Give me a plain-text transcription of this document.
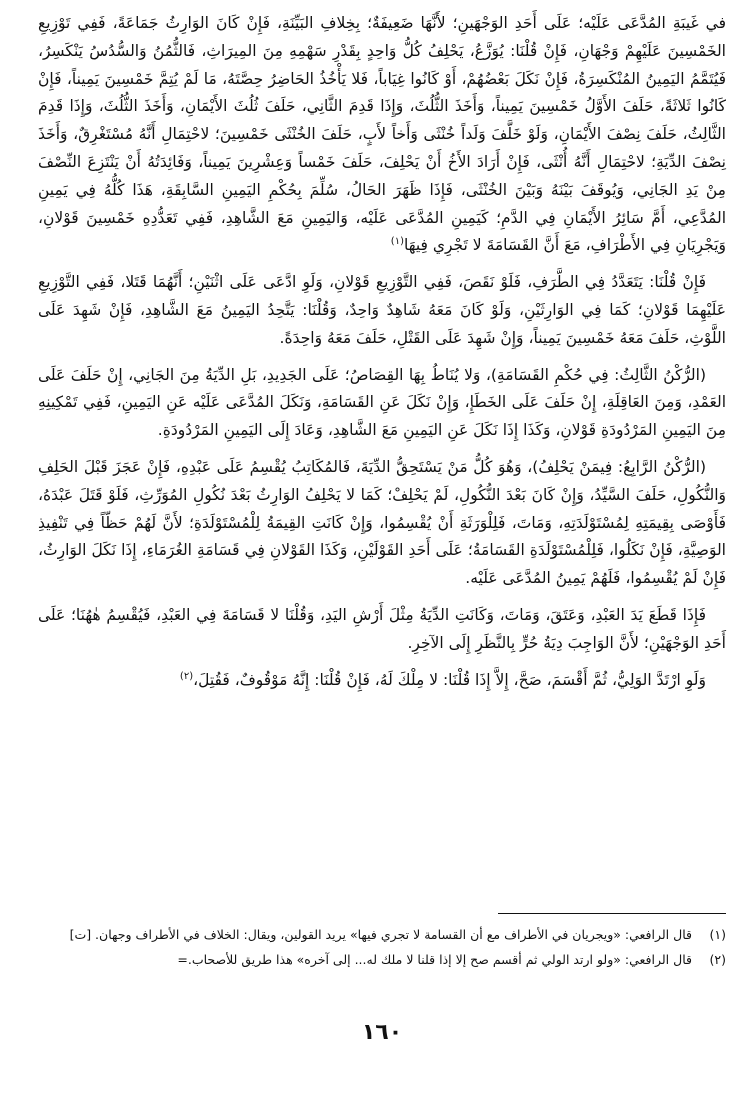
في غَيبَةِ المُدَّعَى عَلَيْه؛ عَلَى أَحَدِ الوَجْهَينِ؛ لأَنَّهَا ضَعِيفَةٌ؛ بِخِلافِ البَيِّنَةِ، فَإِنْ كَانَ الوَارِثُ جَمَاعَةً، فَفِي تَوْزِيعِ الخَمْسِينَ عَلَيْهِمْ وَجْهَانِ، فَإِنْ قُلْنَا: يُوَزَّعُ، يَحْلِفُ كُلُّ وَاحِدٍ بِقَدْرِ سَهْمِهِ مِنَ المِيرَاثِ، فَالثُّمُنُ وَالسُّدُسُ يَنْكَسِرُ، فَيُتَمَّمُ اليَمِينُ المُنْكَسِرَةُ، فَإِنْ نَكَلَ بَعْضُهُمْ، أَوْ كَانُوا غِيَاباً، فَلا يَأْخُذُ الحَاضِرُ حِصَّتَهُ، مَا لَمْ يُتِمَّ خَمْسِينَ يَمِيناً، فَإِنْ كَانُوا ثَلاثَةً، حَلَفَ الأَوَّلُ خَمْسِينَ يَمِيناً، وَأَخَذَ الثُّلُثَ، وَإِذَا قَدِمَ الثَّانِي، حَلَفَ ثُلُثَ الأَيْمَانِ، وَأَخَذَ الثُّلُثَ، وَإِذَا قَدِمَ الثَّالِثُ، حَلَفَ نِصْفَ الأَيْمَانِ، وَلَوْ خَلَّفَ وَلَداً خُنْثَى وَأَخاً لأَبٍ، حَلَفَ الخُنْثَى خَمْسِينَ؛ لاحْتِمَالِ أَنَّهُ مُسْتَغْرِقٌ، وَأَخَذَ نِصْفَ الدِّيَةِ؛ لاحْتِمَالِ أَنَّهُ أُنْثَى، فَإِنْ أَرَادَ الأَخُ أَنْ يَحْلِفَ، حَلَفَ خَمْساً وَعِشْرِينَ يَمِيناً، وَفَائِدَتُهُ أَنْ يَنْتَزِعَ النِّصْفَ مِنْ يَدِ الجَانِي، وَيُوقَفَ بَيْنَهُ وَبَيْنَ الخُنْثَى، فَإِذَا ظَهَرَ الحَالُ، سُلِّمَ بِحُكْمِ اليَمِينِ السَّابِقَةِ، هَذَا كُلُّهُ فِي يَمِينِ المُدَّعِي، أَمَّ سَائِرُ الأَيْمَانِ فِي الدَّمِ؛ كَيَمِينِ المُدَّعَى عَلَيْه، وَاليَمِينِ مَعَ الشَّاهِدِ، فَفِي تَعَدُّدِهِ خَمْسِينَ قَوْلانِ، وَيَجْرِيَانِ فِي الأَطْرَافِ، مَعَ أَنَّ القَسَامَةَ لا تَجْرِي فِيهَا$^{(١)}$

فَإِنْ قُلْنَا: يَتَعَدَّدُ فِي الطَّرَفِ، فَلَوْ نَقَصَ، فَفِي التَّوْزِيعِ قَوْلانِ، وَلَوِ ادَّعَى عَلَى اثْنَيْنِ؛ أَنَّهُمَا قَتَلا، فَفِي التَّوْزِيعِ عَلَيْهِمَا قَوْلانِ؛ كَمَا فِي الوَارِثَيْنِ، وَلَوْ كَانَ مَعَهُ شَاهِدٌ وَاحِدٌ، وَقُلْنَا: يَتَّحِدُ اليَمِينُ مَعَ الشَّاهِدِ، فَإِنْ شَهِدَ عَلَى اللَّوْثِ، حَلَفَ مَعَهُ خَمْسِينَ يَمِيناً، وَإِنْ شَهِدَ عَلَى القَتْلِ، حَلَفَ مَعَهُ وَاحِدَةً.

(الرُّكْنُ الثَّالِثُ: فِي حُكْمِ القَسَامَةِ)، وَلا يُنَاطُ بِهَا القِصَاصُ؛ عَلَى الجَدِيدِ، بَلِ الدِّيَةُ مِنَ الجَانِي، إِنْ حَلَفَ عَلَى العَمْدِ، وَمِنَ العَاقِلَةِ، إِنْ حَلَفَ عَلَى الخَطَإِ، وَإِنْ نَكَلَ عَنِ القَسَامَةِ، وَنَكَلَ المُدَّعَى عَلَيْه عَنِ اليَمِينِ، فَفِي تَمْكِينِهِ مِنَ اليَمِينِ المَرْدُودَةِ قَوْلانِ، وَكَذَا إِذَا نَكَلَ عَنِ اليَمِينِ مَعَ الشَّاهِدِ، وَعَادَ إِلَى اليَمِينِ المَرْدُودَةِ.

(الرُّكْنُ الرَّابِعُ: فِيمَنْ يَحْلِفُ)، وَهُوَ كُلُّ مَنْ يَسْتَحِقُّ الدِّيَةَ، فَالمُكَاتِبُ يُقْسِمُ عَلَى عَبْدِهِ، فَإِنْ عَجَزَ قَبْلَ الحَلِفِ وَالنُّكُولِ، حَلَفَ السَّيِّدُ، وَإِنْ كَانَ بَعْدَ النُّكُولِ، لَمْ يَحْلِفْ؛ كَمَا لا يَحْلِفُ الوَارِثُ بَعْدَ نُكُولِ المُوَرِّثِ، فَلَوْ قَتَلَ عَبْدَهُ، فَأَوْصَى بِقِيمَتِهِ لِمُسْتَوْلَدَتِهِ، وَمَاتَ، فَلِلْوَرَثَةِ أَنْ يُقْسِمُوا، وَإِنْ كَانَتِ القِيمَةُ لِلْمُسْتَوْلَدَةِ؛ لأَنَّ لَهُمْ حَظّاً فِي تَنْفِيذِ الوَصِيَّةِ، فَإِنْ نَكَلُوا، فَلِلْمُسْتَوْلَدَةِ القَسَامَةُ؛ عَلَى أَحَدِ القَوْلَيْنِ، وَكَذَا القَوْلانِ فِي قَسَامَةِ الغُرَمَاءِ، إِذَا نَكَلَ الوَارِثُ، فَإِنْ لَمْ يُقْسِمُوا، فَلَهُمْ يَمِينُ المُدَّعَى عَلَيْه.

فَإِذَا قَطَعَ يَدَ العَبْدِ، وَعَتَقَ، وَمَاتَ، وَكَانَتِ الدِّيَةُ مِثْلَ أَرْشِ اليَدِ، وَقُلْنَا لا قَسَامَةَ فِي العَبْدِ، فَيُقْسِمُ هٰهُنَا؛ عَلَى أَحَدِ الوَجْهَيْنِ؛ لأَنَّ الوَاجِبَ دِيَةُ حُرٍّ بِالنَّظَرِ إِلَى الآخِرِ.

وَلَوِ ارْتَدَّ الوَلِيُّ، ثُمَّ أَقْسَمَ، صَحَّ، إِلاَّ إِذَا قُلْنَا: لا مِلْكَ لَهُ، فَإِنْ قُلْنَا: إِنَّهُ مَوْقُوفٌ، فَقُتِلَ،$^{(٢)}$

(١)
قال الرافعي: «ويجريان في الأطراف مع أن القسامة لا تجري فيها» يريد القولين، ويقال: الخلاف في الأطراف وجهان. [ت]
(٢)
قال الرافعي: «ولو ارتد الولي ثم أقسم صح إلا إذا قلنا لا ملك له... إلى آخره» هذا طريق للأصحاب.=
١٦٠
